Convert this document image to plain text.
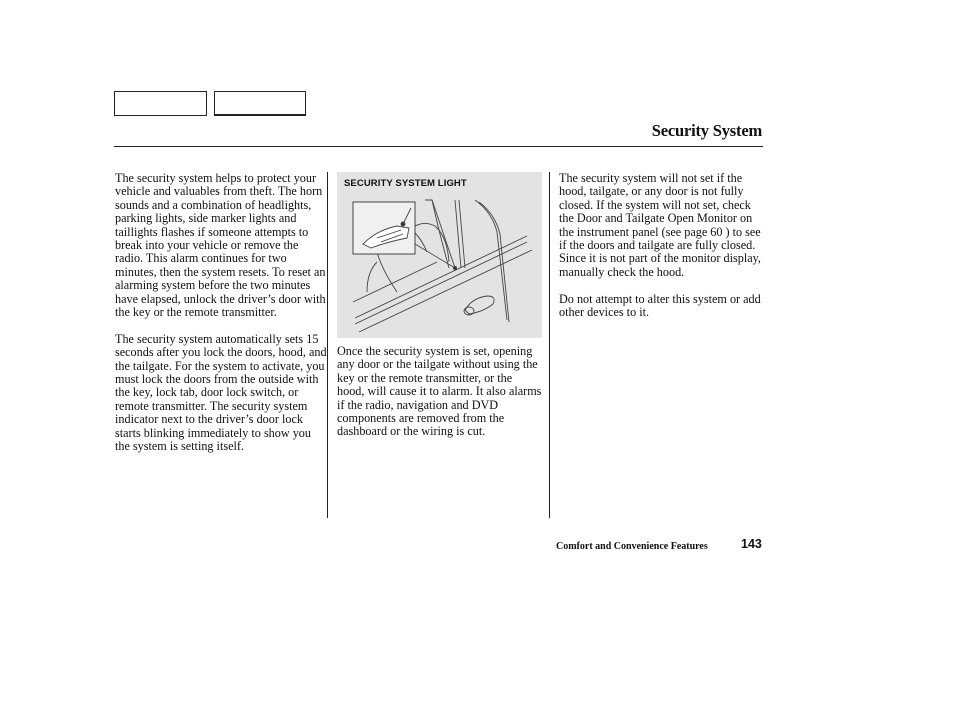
Security System

The security system helps to protect your vehicle and valuables from theft. The horn sounds and a combination of headlights, parking lights, side marker lights and taillights flashes if someone attempts to break into your vehicle or remove the radio. This alarm continues for two minutes, then the system resets. To reset an alarming system before the two minutes have elapsed, unlock the driver’s door with the key or the remote transmitter.

The security system automatically sets 15 seconds after you lock the doors, hood, and the tailgate. For the system to activate, you must lock the doors from the outside with the key, lock tab, door lock switch, or remote transmitter. The security system indicator next to the driver’s door lock starts blinking immediately to show you the system is setting itself.

SECURITY SYSTEM LIGHT

Once the security system is set, opening any door or the tailgate without using the key or the remote transmitter, or the hood, will cause it to alarm. It also alarms if the radio, navigation and DVD components are removed from the dashboard or the wiring is cut.

The security system will not set if the hood, tailgate, or any door is not fully closed. If the system will not set, check the Door and Tailgate Open Monitor on the instrument panel (see page 60 ) to see if the doors and tailgate are fully closed. Since it is not part of the monitor display, manually check the hood.

Do not attempt to alter this system or add other devices to it.

Comfort and Convenience Features	143
